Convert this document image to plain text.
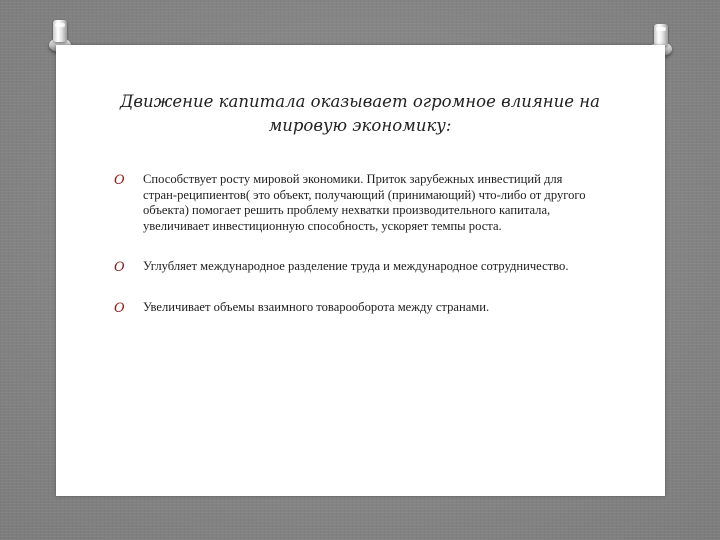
Движение капитала оказывает огромное влияние на мировую экономику:
O Способствует росту мировой экономики. Приток зарубежных инвестиций для стран-реципиентов( это объект, получающий (принимающий) что-либо от другого объекта) помогает решить проблему нехватки производительного капитала, увеличивает инвестиционную способность, ускоряет темпы роста.
O Углубляет международное разделение труда и международное сотрудничество.
O Увеличивает объемы взаимного товарооборота между странами.
